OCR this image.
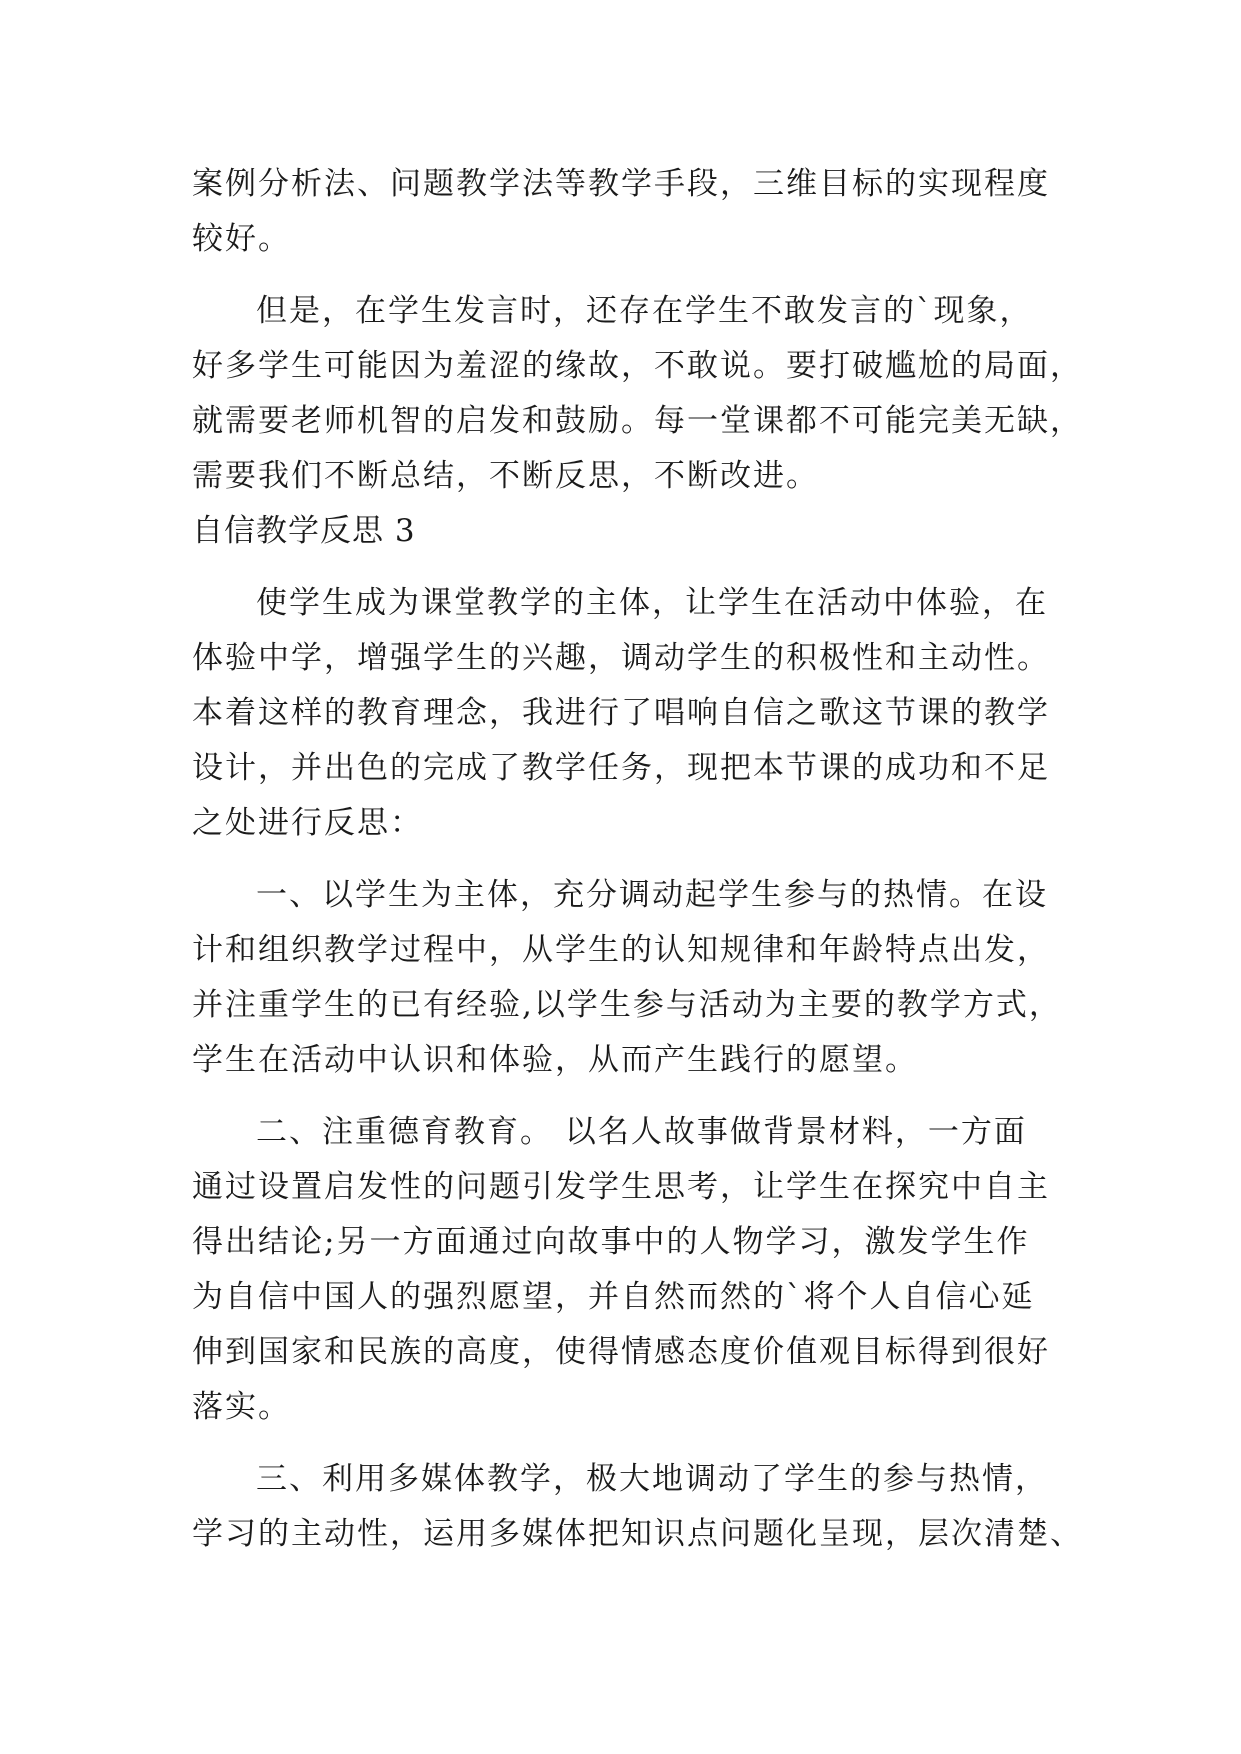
案例分析法、问题教学法等教学手段，三维目标的实现程度
较好。
但是，在学生发言时，还存在学生不敢发言的`现象，
好多学生可能因为羞涩的缘故，不敢说。要打破尴尬的局面，
就需要老师机智的启发和鼓励。每一堂课都不可能完美无缺，
需要我们不断总结，不断反思，不断改进。
自信教学反思 3
使学生成为课堂教学的主体，让学生在活动中体验，在
体验中学，增强学生的兴趣，调动学生的积极性和主动性。
本着这样的教育理念，我进行了唱响自信之歌这节课的教学
设计，并出色的完成了教学任务，现把本节课的成功和不足
之处进行反思：
一、以学生为主体，充分调动起学生参与的热情。在设
计和组织教学过程中，从学生的认知规律和年龄特点出发，
并注重学生的已有经验,以学生参与活动为主要的教学方式，
学生在活动中认识和体验，从而产生践行的愿望。
二、注重德育教育。 以名人故事做背景材料，一方面
通过设置启发性的问题引发学生思考，让学生在探究中自主
得出结论;另一方面通过向故事中的人物学习，激发学生作
为自信中国人的强烈愿望，并自然而然的`将个人自信心延
伸到国家和民族的高度，使得情感态度价值观目标得到很好
落实。
三、利用多媒体教学，极大地调动了学生的参与热情，
学习的主动性，运用多媒体把知识点问题化呈现，层次清楚、
